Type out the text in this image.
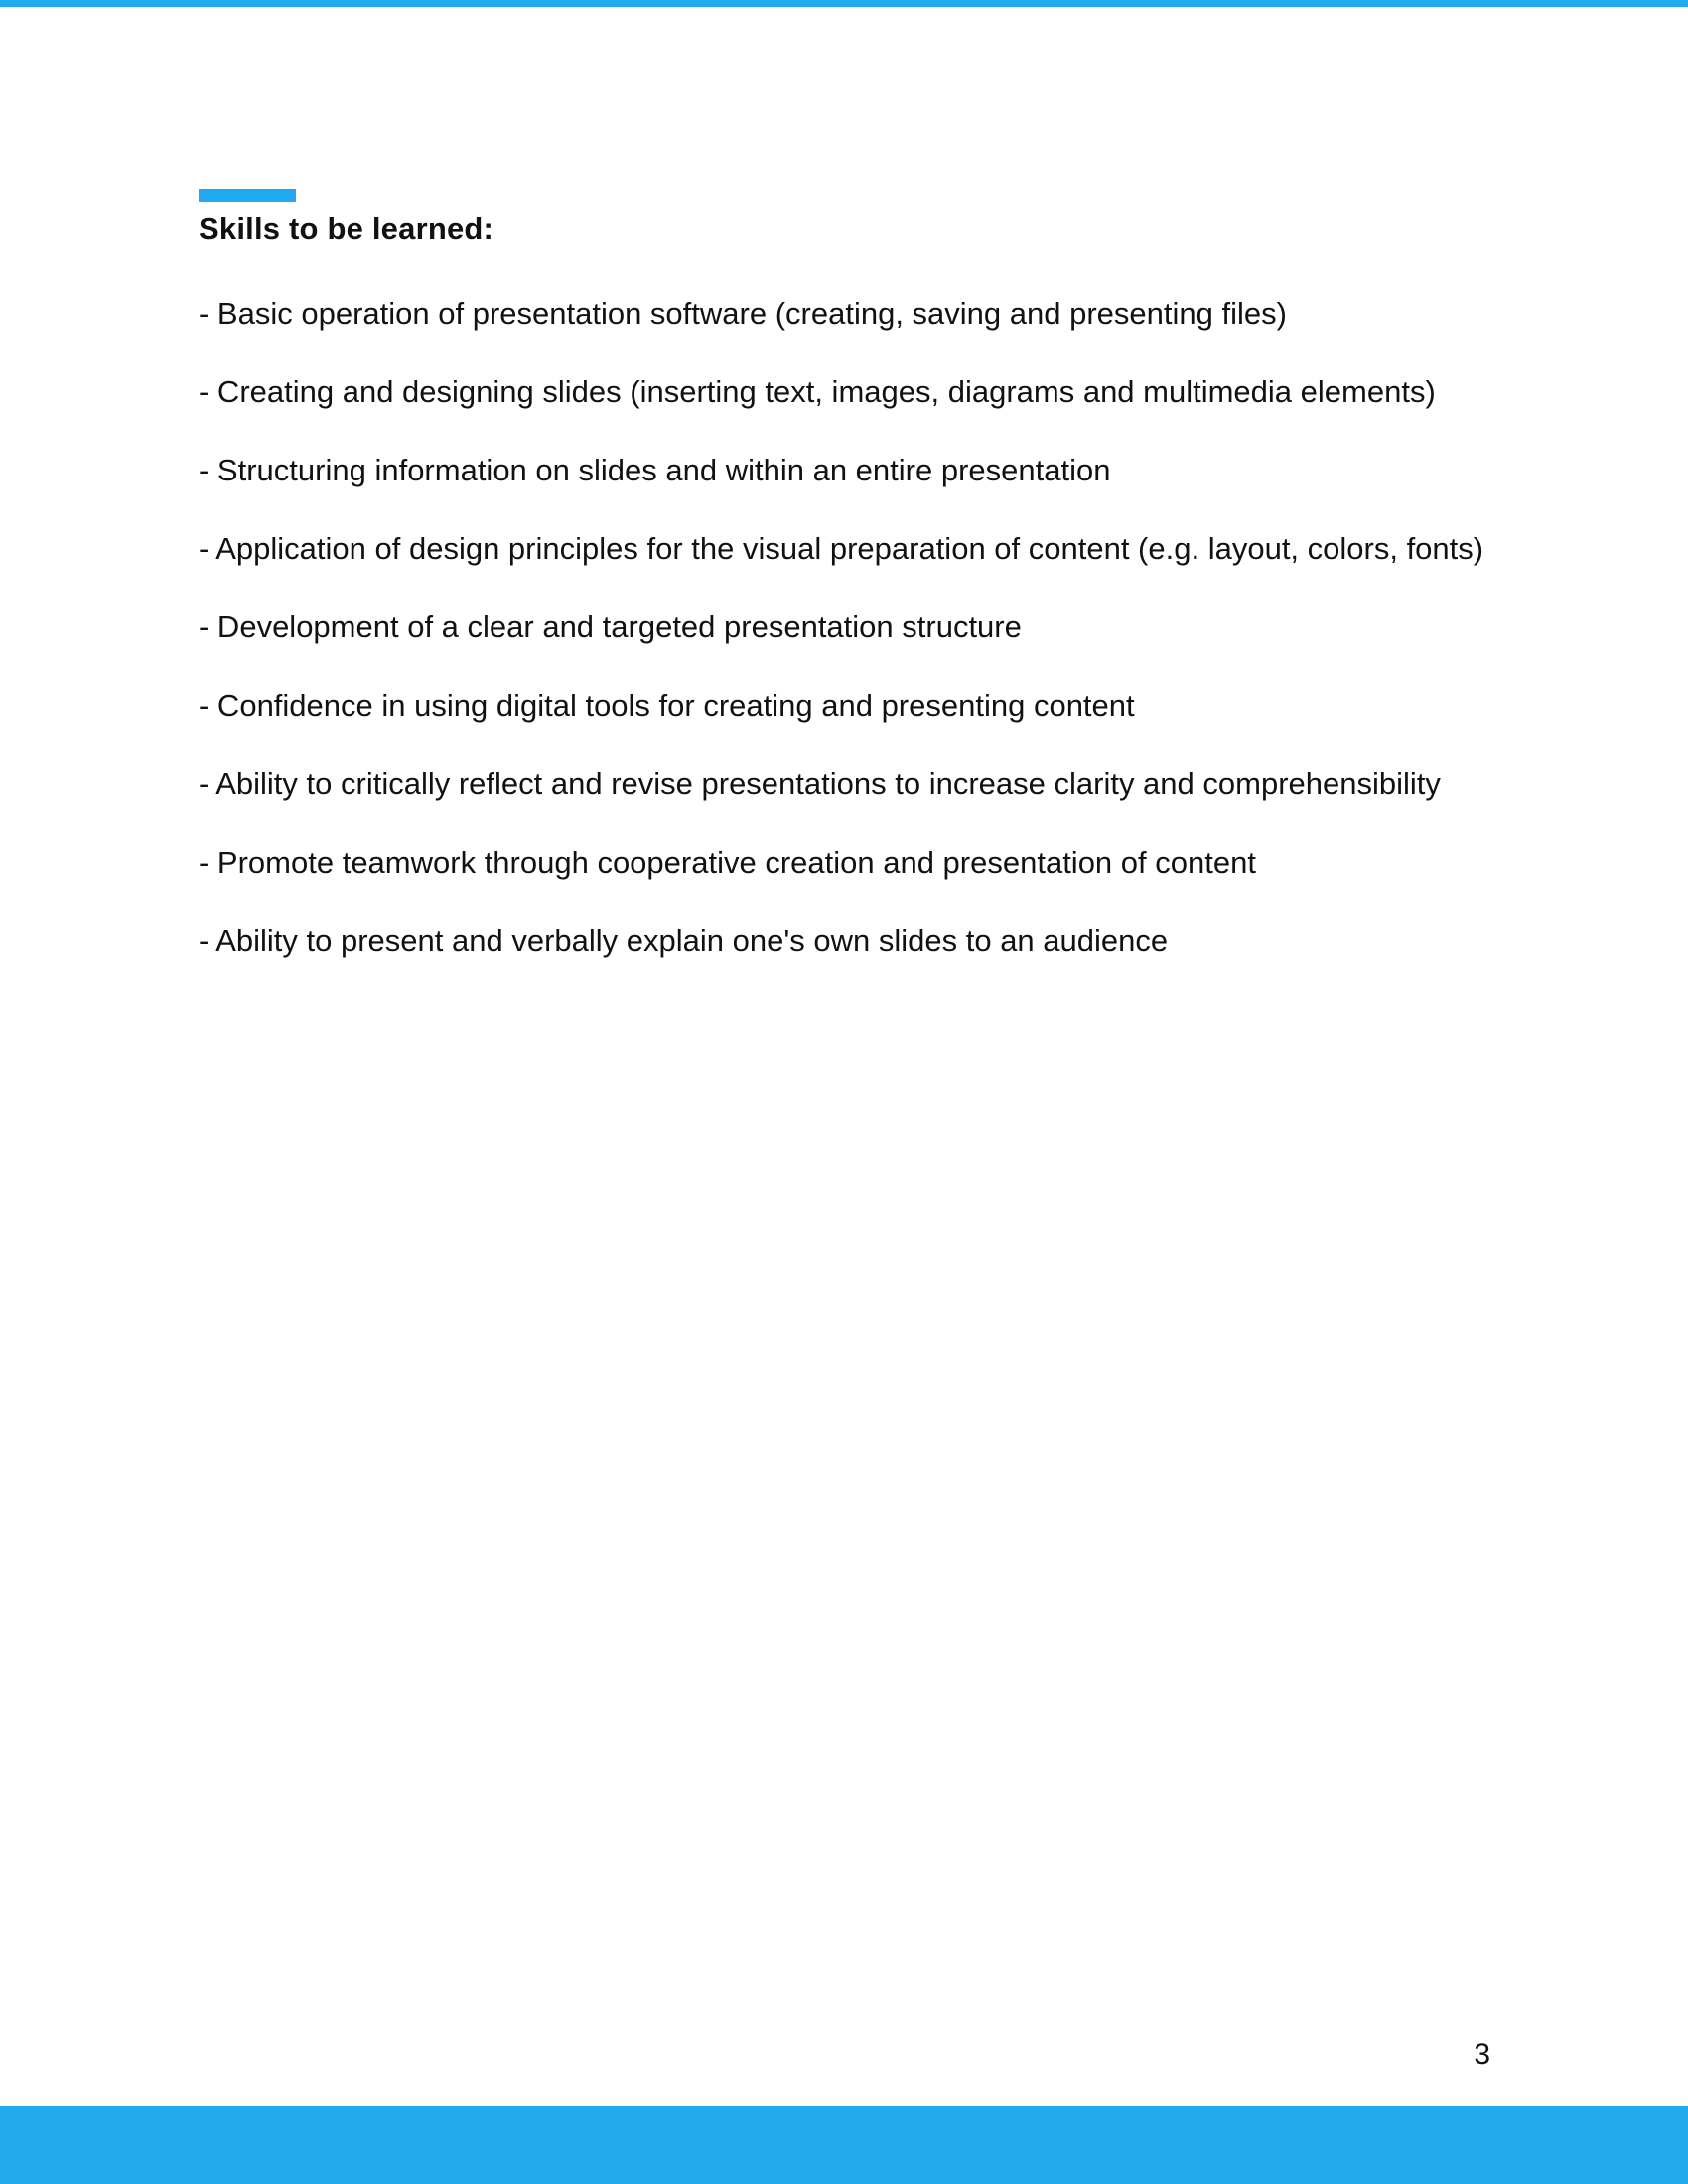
Skills to be learned:

- Basic operation of presentation software (creating, saving and presenting files)

- Creating and designing slides (inserting text, images, diagrams and multimedia elements)

- Structuring information on slides and within an entire presentation

- Application of design principles for the visual preparation of content (e.g. layout, colors, fonts)

- Development of a clear and targeted presentation structure

- Confidence in using digital tools for creating and presenting content

- Ability to critically reflect and revise presentations to increase clarity and comprehensibility

- Promote teamwork through cooperative creation and presentation of content

- Ability to present and verbally explain one's own slides to an audience

3
